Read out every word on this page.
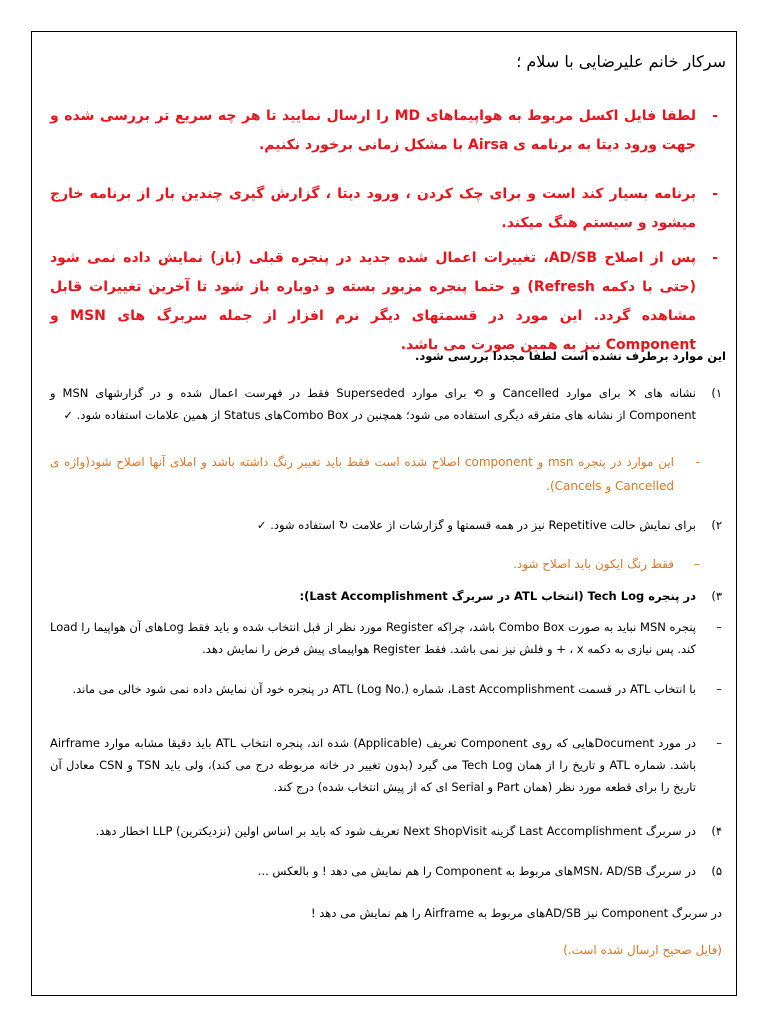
سرکار خانم علیرضایی با سلام ؛
-
لطفا فایل اکسل مربوط به هواپیماهای MD را ارسال نمایید تا هر چه سریع تر بررسی شده و جهت ورود دیتا به برنامه ی Airsa با مشکل زمانی برخورد نکنیم.
-
برنامه بسیار کند است و برای چک کردن ، ورود دیتا ، گزارش گیری چندین بار از برنامه خارج میشود و سیستم هنگ میکند.
-
پس از اصلاح AD/SB، تغییرات اعمال شده جدید در پنجره قبلی (باز) نمایش داده نمی شود (حتی با دکمه Refresh) و حتما پنجره مزبور بسته و دوباره باز شود تا آخرین تغییرات قابل مشاهده گردد. این مورد در قسمتهای دیگر نرم افزار از جمله سربرگ های MSN و Component نیز به همین صورت می باشد.
این موارد برطرف نشده است لطفا مجددا بررسی شود.
۱)
نشانه های ✕ برای موارد Cancelled و ⟲ برای موارد Superseded فقط در فهرست اعمال شده و در گزارشهای MSN و Component از نشانه های متفرقه دیگری استفاده می شود؛ همچنین در Combo Boxهای Status از همین علامات استفاده شود. ✓
-
این موارد در پنجره msn و component اصلاح شده است فقط باید تغییر رنگ داشته باشد و املای آنها اصلاح شود(واژه ی Cancelled و Cancels).
۲)
برای نمایش حالت Repetitive نیز در همه قسمتها و گزارشات از علامت ↻ استفاده شود. ✓
–
فقط رنگ ایکون باید اصلاح شود.
۳)
در پنجره Tech Log (انتخاب ATL در سربرگ Last Accomplishment):
–
پنجره MSN نباید به صورت Combo Box باشد، چراکه Register مورد نظر از قبل انتخاب شده و باید فقط Logهای آن هواپیما را Load کند. پس نیازی به دکمه x ، + و فلش نیز نمی باشد. فقط Register هواپیمای پیش فرض را نمایش دهد.
–
با انتخاب ATL در قسمت Last Accomplishment، شماره (.Log No) ATL در پنجره خود آن نمایش داده نمی شود خالی می ماند.
–
در مورد Documentهایی که روی Component تعریف (Applicable) شده اند، پنجره انتخاب ATL باید دقیقا مشابه موارد Airframe باشد. شماره ATL و تاریخ را از همان Tech Log می گیرد (بدون تغییر در خانه مربوطه درج می کند)، ولی باید TSN و CSN معادل آن تاریخ را برای قطعه مورد نظر (همان Part و Serial ای که از پیش انتخاب شده) درج کند.
۴)
در سربرگ Last Accomplishment گزینه Next ShopVisit تعریف شود که باید بر اساس اولین (نزدیکترین) LLP اخطار دهد.
۵)
در سربرگ MSN، AD/SBهای مربوط به Component را هم نمایش می دهد ! و بالعکس ...
در سربرگ Component نیز AD/SBهای مربوط به Airframe را هم نمایش می دهد !
(فایل صحیح ارسال شده است.)
